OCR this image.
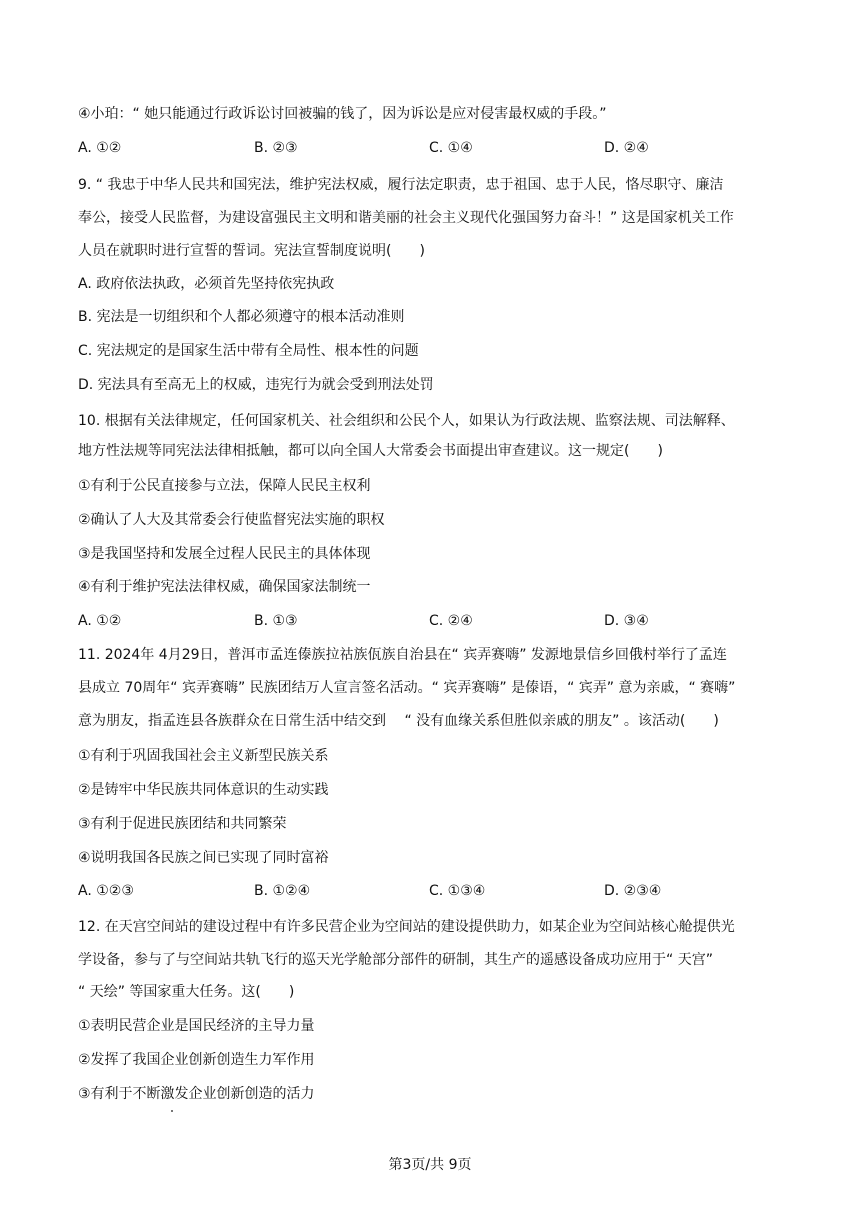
④小珀：“ 她只能通过行政诉讼讨回被骗的钱了，因为诉讼是应对侵害最权威的手段。”
A. ①②	B. ②③	C. ①④	D. ②④
9. “ 我忠于中华人民共和国宪法，维护宪法权威，履行法定职责，忠于祖国、忠于人民，恪尽职守、廉洁
奉公，接受人民监督，为建设富强民主文明和谐美丽的社会主义现代化强国努力奋斗！” 这是国家机关工作
人员在就职时进行宣誓的誓词。宪法宣誓制度说明(　　)
A. 政府依法执政，必须首先坚持依宪执政
B. 宪法是一切组织和个人都必须遵守的根本活动准则
C. 宪法规定的是国家生活中带有全局性、根本性的问题
D. 宪法具有至高无上的权威，违宪行为就会受到刑法处罚
10. 根据有关法律规定，任何国家机关、社会组织和公民个人，如果认为行政法规、监察法规、司法解释、
地方性法规等同宪法法律相抵触，都可以向全国人大常委会书面提出审查建议。这一规定(　　)
①有利于公民直接参与立法，保障人民民主权利
②确认了人大及其常委会行使监督宪法实施的职权
③是我国坚持和发展全过程人民民主的具体体现
④有利于维护宪法法律权威，确保国家法制统一
A. ①②	B. ①③	C. ②④	D. ③④
11. 2024年 4月29日，普洱市孟连傣族拉祜族佤族自治县在“ 宾弄赛嗨” 发源地景信乡回俄村举行了孟连
县成立 70周年“ 宾弄赛嗨” 民族团结万人宣言签名活动。“ 宾弄赛嗨” 是傣语，“ 宾弄” 意为亲戚，“ 赛嗨”
意为朋友，指孟连县各族群众在日常生活中结交到 　“ 没有血缘关系但胜似亲戚的朋友” 。该活动(　　)
①有利于巩固我国社会主义新型民族关系
②是铸牢中华民族共同体意识的生动实践
③有利于促进民族团结和共同繁荣
④说明我国各民族之间已实现了同时富裕
A. ①②③	B. ①②④	C. ①③④	D. ②③④
12. 在天宫空间站的建设过程中有许多民营企业为空间站的建设提供助力，如某企业为空间站核心舱提供光
学设备，参与了与空间站共轨飞行的巡天光学舱部分部件的研制，其生产的遥感设备成功应用于“ 天宫”
“ 天绘” 等国家重大任务。这(　　)
①表明民营企业是国民经济的主导力量
②发挥了我国企业创新创造生力军作用
③有利于不断激发企业创新创造的活力
第3页/共 9页
